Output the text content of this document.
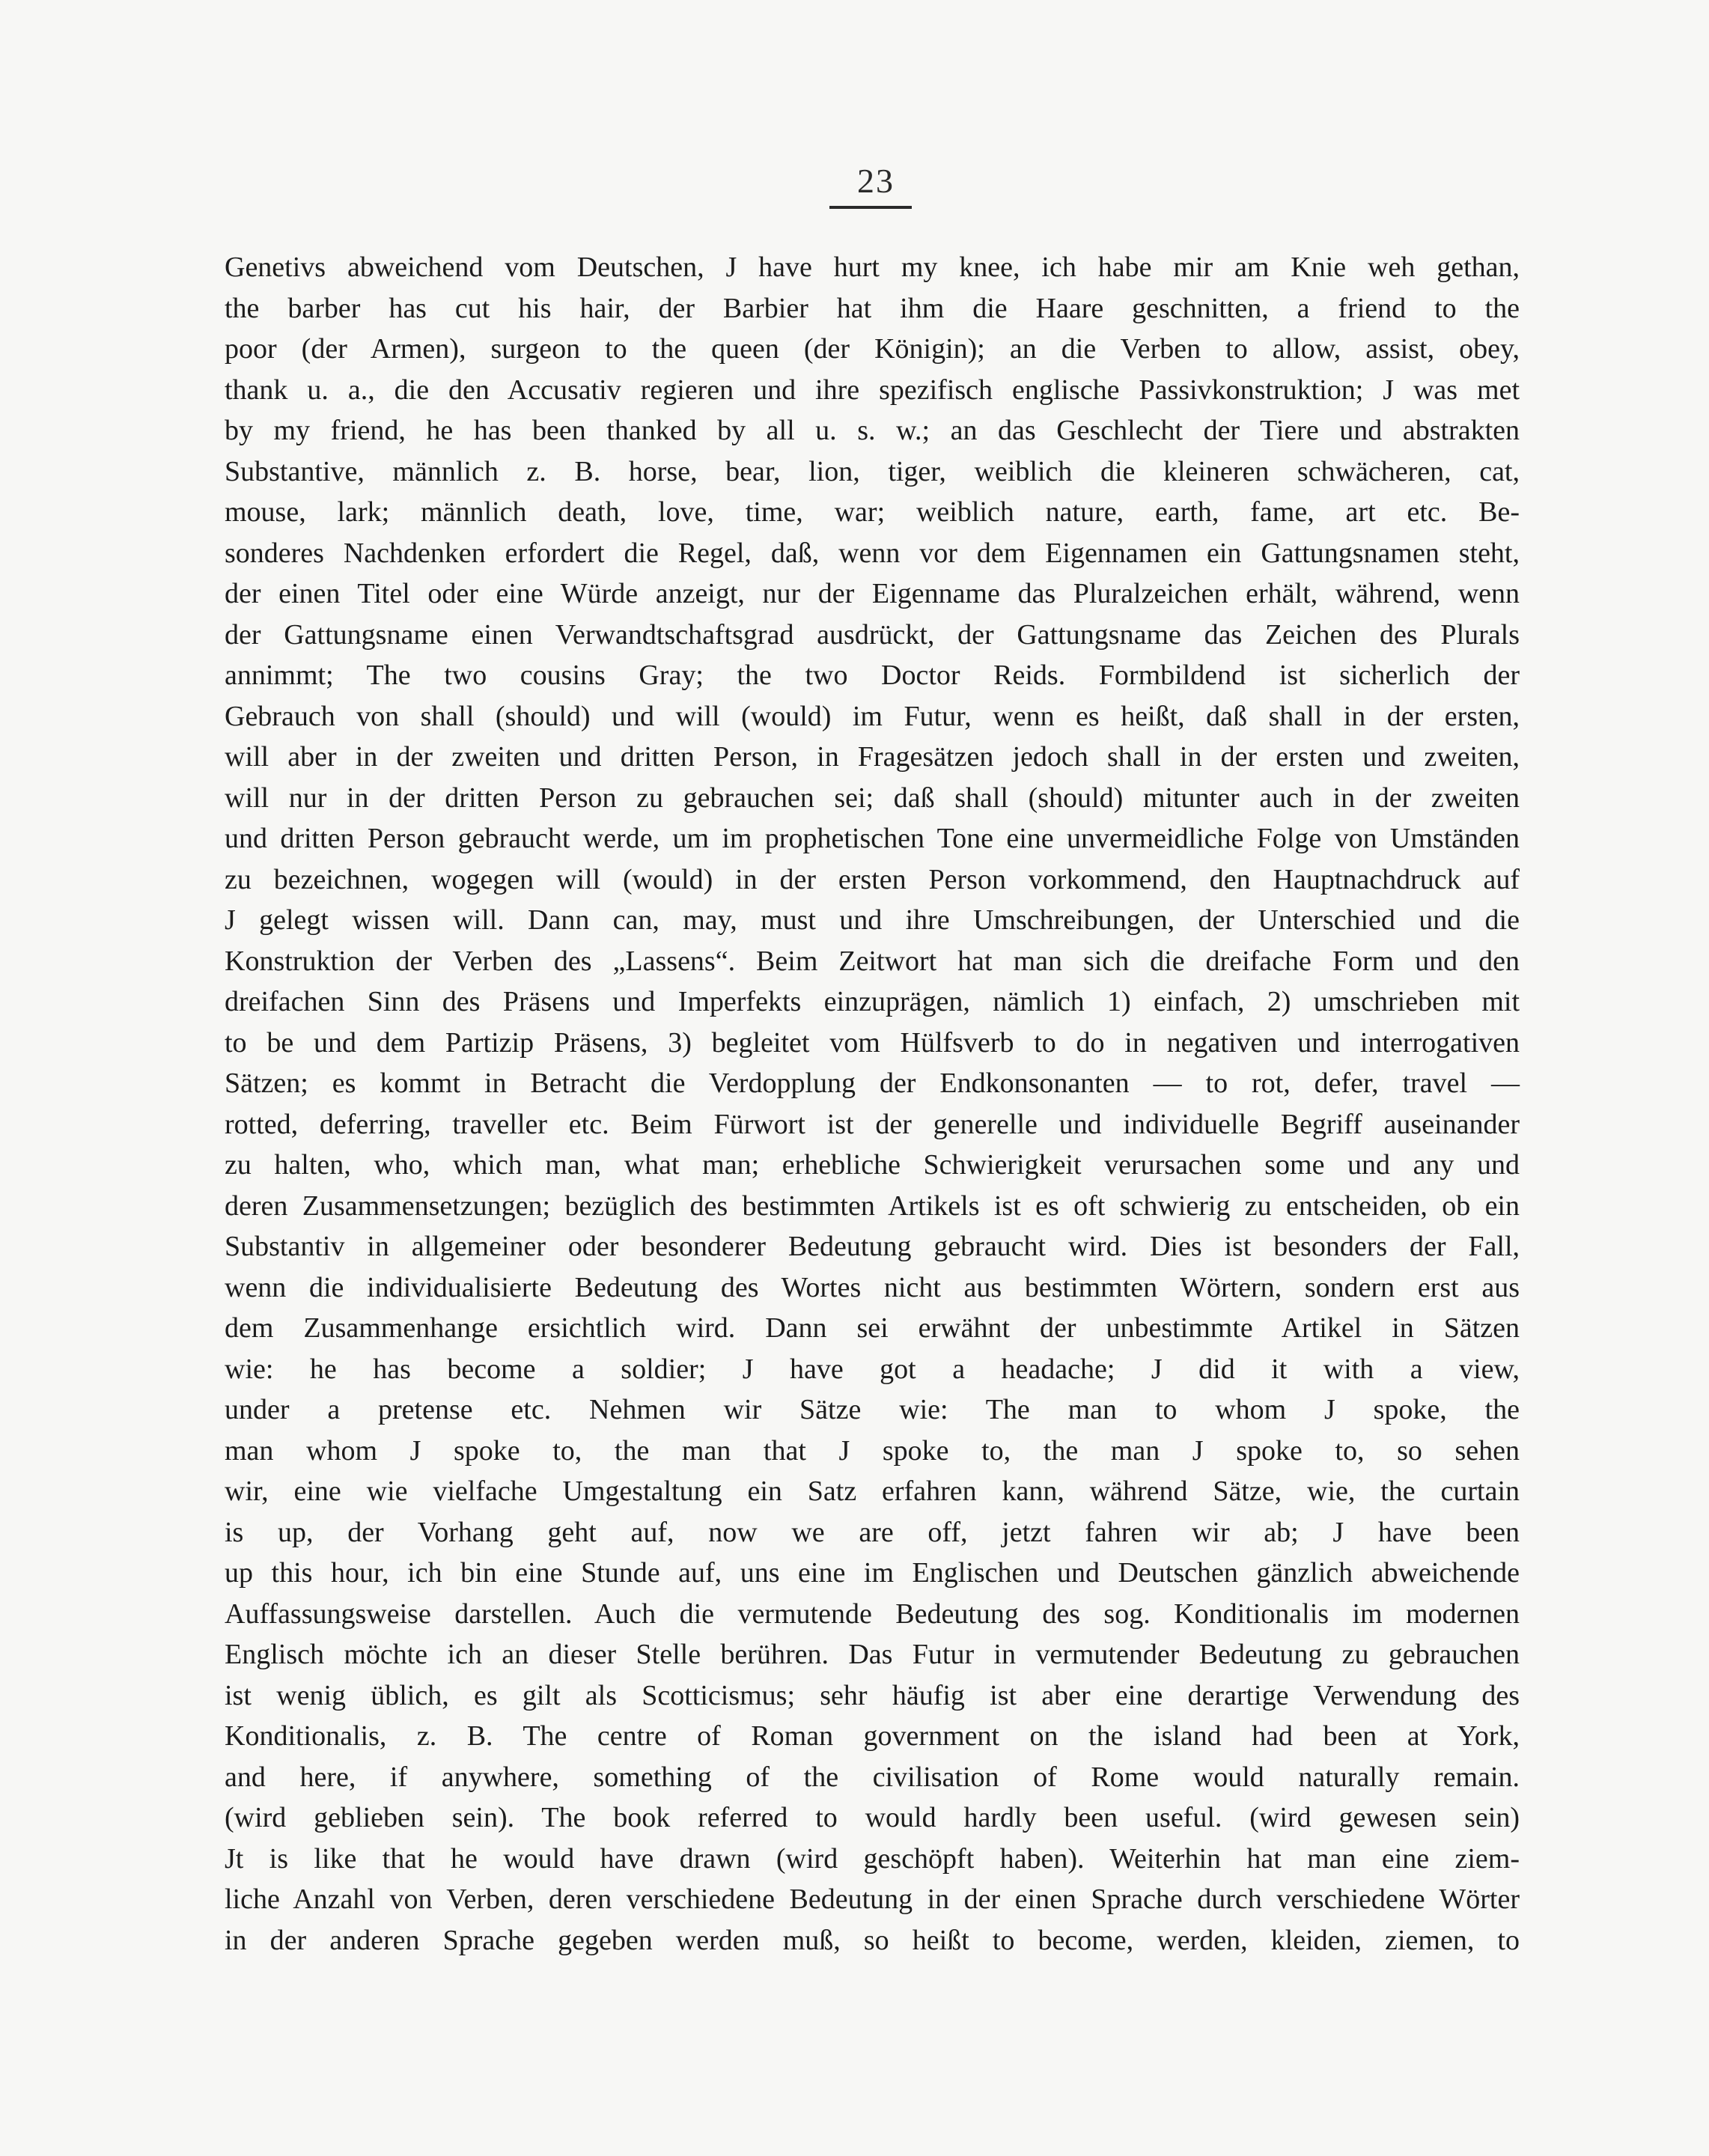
23
Genetivs abweichend vom Deutschen, J have hurt my knee, ich habe mir am Knie weh gethan,
the barber has cut his hair, der Barbier hat ihm die Haare geschnitten, a friend to the
poor (der Armen), surgeon to the queen (der Königin); an die Verben to allow, assist, obey,
thank u. a., die den Accusativ regieren und ihre spezifisch englische Passivkonstruktion; J was met
by my friend, he has been thanked by all u. s. w.; an das Geschlecht der Tiere und abstrakten
Substantive, männlich z. B. horse, bear, lion, tiger, weiblich die kleineren schwächeren, cat,
mouse, lark; männlich death, love, time, war; weiblich nature, earth, fame, art etc. Be-
sonderes Nachdenken erfordert die Regel, daß, wenn vor dem Eigennamen ein Gattungsnamen steht,
der einen Titel oder eine Würde anzeigt, nur der Eigenname das Pluralzeichen erhält, während, wenn
der Gattungsname einen Verwandtschaftsgrad ausdrückt, der Gattungsname das Zeichen des Plurals
annimmt; The two cousins Gray; the two Doctor Reids. Formbildend ist sicherlich der
Gebrauch von shall (should) und will (would) im Futur, wenn es heißt, daß shall in der ersten,
will aber in der zweiten und dritten Person, in Fragesätzen jedoch shall in der ersten und zweiten,
will nur in der dritten Person zu gebrauchen sei; daß shall (should) mitunter auch in der zweiten
und dritten Person gebraucht werde, um im prophetischen Tone eine unvermeidliche Folge von Umständen
zu bezeichnen, wogegen will (would) in der ersten Person vorkommend, den Hauptnachdruck auf
J gelegt wissen will. Dann can, may, must und ihre Umschreibungen, der Unterschied und die
Konstruktion der Verben des „Lassens“. Beim Zeitwort hat man sich die dreifache Form und den
dreifachen Sinn des Präsens und Imperfekts einzuprägen, nämlich 1) einfach, 2) umschrieben mit
to be und dem Partizip Präsens, 3) begleitet vom Hülfsverb to do in negativen und interrogativen
Sätzen; es kommt in Betracht die Verdopplung der Endkonsonanten — to rot, defer, travel —
rotted, deferring, traveller etc. Beim Fürwort ist der generelle und individuelle Begriff auseinander
zu halten, who, which man, what man; erhebliche Schwierigkeit verursachen some und any und
deren Zusammensetzungen; bezüglich des bestimmten Artikels ist es oft schwierig zu entscheiden, ob ein
Substantiv in allgemeiner oder besonderer Bedeutung gebraucht wird. Dies ist besonders der Fall,
wenn die individualisierte Bedeutung des Wortes nicht aus bestimmten Wörtern, sondern erst aus
dem Zusammenhange ersichtlich wird. Dann sei erwähnt der unbestimmte Artikel in Sätzen
wie: he has become a soldier; J have got a headache; J did it with a view,
under a pretense etc. Nehmen wir Sätze wie: The man to whom J spoke, the
man whom J spoke to, the man that J spoke to, the man J spoke to, so sehen
wir, eine wie vielfache Umgestaltung ein Satz erfahren kann, während Sätze, wie, the curtain
is up, der Vorhang geht auf, now we are off, jetzt fahren wir ab; J have been
up this hour, ich bin eine Stunde auf, uns eine im Englischen und Deutschen gänzlich abweichende
Auffassungsweise darstellen. Auch die vermutende Bedeutung des sog. Konditionalis im modernen
Englisch möchte ich an dieser Stelle berühren. Das Futur in vermutender Bedeutung zu gebrauchen
ist wenig üblich, es gilt als Scotticismus; sehr häufig ist aber eine derartige Verwendung des
Konditionalis, z. B. The centre of Roman government on the island had been at York,
and here, if anywhere, something of the civilisation of Rome would naturally remain.
(wird geblieben sein). The book referred to would hardly been useful. (wird gewesen sein)
Jt is like that he would have drawn (wird geschöpft haben). Weiterhin hat man eine ziem-
liche Anzahl von Verben, deren verschiedene Bedeutung in der einen Sprache durch verschiedene Wörter
in der anderen Sprache gegeben werden muß, so heißt to become, werden, kleiden, ziemen, to
